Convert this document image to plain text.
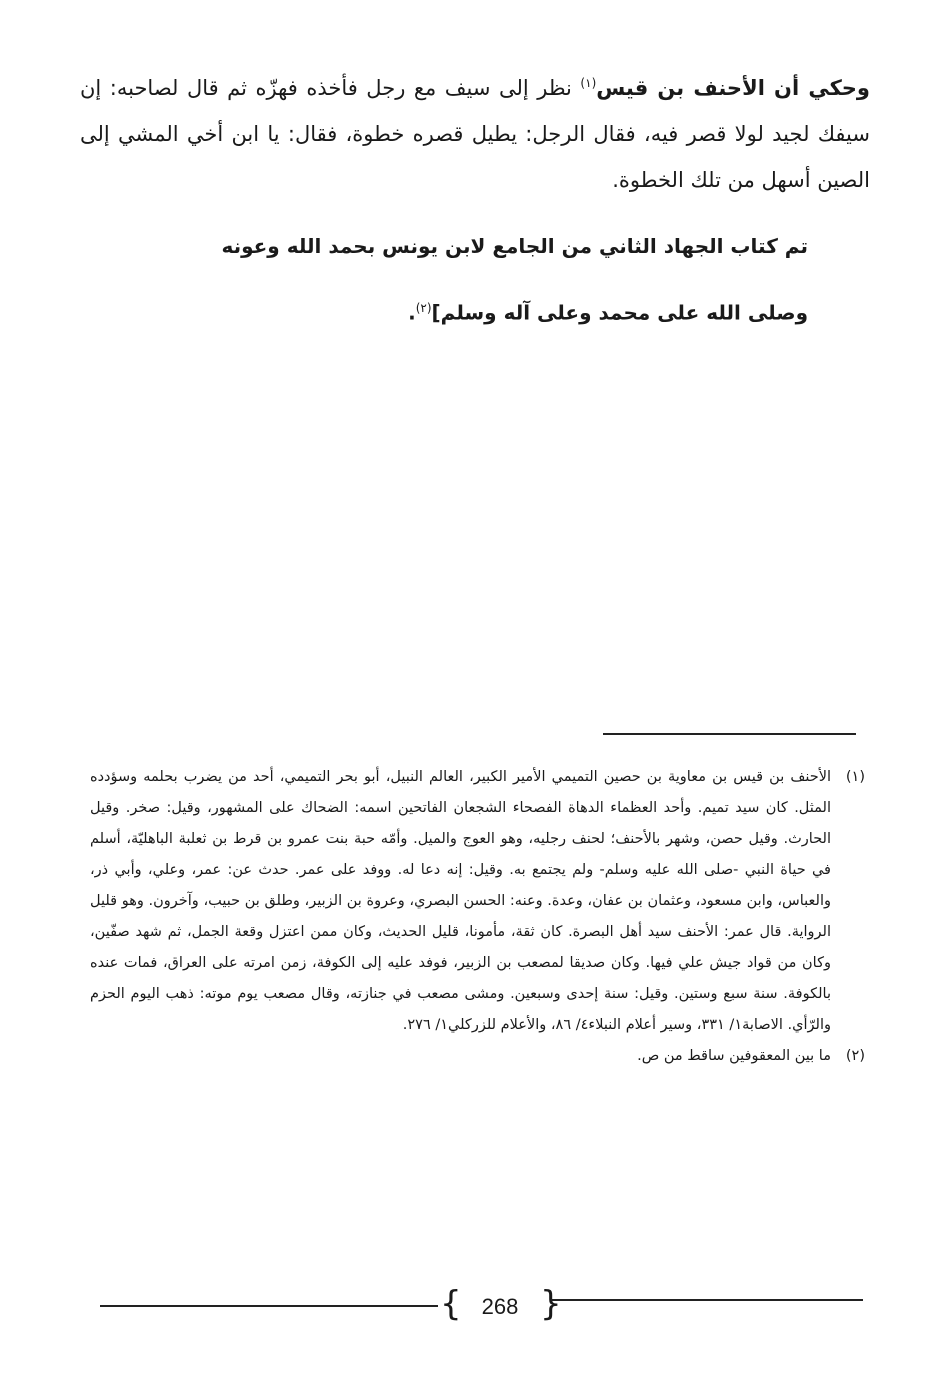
وحكي أن الأحنف بن قيس$^{(١)}$ نظر إلى سيف مع رجل فأخذه فهزّه ثم قال لصاحبه: إن سيفك لجيد لولا قصر فيه، فقال الرجل: يطيل قصره خطوة، فقال: يا ابن أخي المشي إلى الصين أسهل من تلك الخطوة.

تم كتاب الجهاد الثاني من الجامع لابن يونس بحمد الله وعونه

وصلى الله على محمد وعلى آله وسلم]$^{(٢)}$.

(١)
الأحنف بن قيس بن معاوية بن حصين التميمي الأمير الكبير، العالم النبيل، أبو بحر التميمي، أحد من يضرب بحلمه وسؤدده المثل. كان سيد تميم. وأحد العظماء الدهاة الفصحاء الشجعان الفاتحين اسمه: الضحاك على المشهور، وقيل: صخر. وقيل الحارث. وقيل حصن، وشهر بالأحنف؛ لحنف رجليه، وهو العوج والميل. وأمّه حبة بنت عمرو بن قرط بن ثعلبة الباهليّة، أسلم في حياة النبي -صلى الله عليه وسلم- ولم يجتمع به. وقيل: إنه دعا له. ووفد على عمر. حدث عن: عمر، وعلي، وأبي ذر، والعباس، وابن مسعود، وعثمان بن عفان، وعدة. وعنه: الحسن البصري، وعروة بن الزبير، وطلق بن حبيب، وآخرون. وهو قليل الرواية. قال عمر: الأحنف سيد أهل البصرة. كان ثقة، مأمونا، قليل الحديث، وكان ممن اعتزل وقعة الجمل، ثم شهد صفّين، وكان من قواد جيش علي فيها. وكان صديقا لمصعب بن الزبير، فوفد عليه إلى الكوفة، زمن امرته على العراق، فمات عنده بالكوفة. سنة سبع وستين. وقيل: سنة إحدى وسبعين. ومشى مصعب في جنازته، وقال مصعب يوم موته: ذهب اليوم الحزم والرّأي. الاصابة١/ ٣٣١، وسير أعلام النبلاء٤/ ٨٦، والأعلام للزركلي١/ ٢٧٦.
(٢)
ما بين المعقوفين ساقط من ص.
{ 268 }
